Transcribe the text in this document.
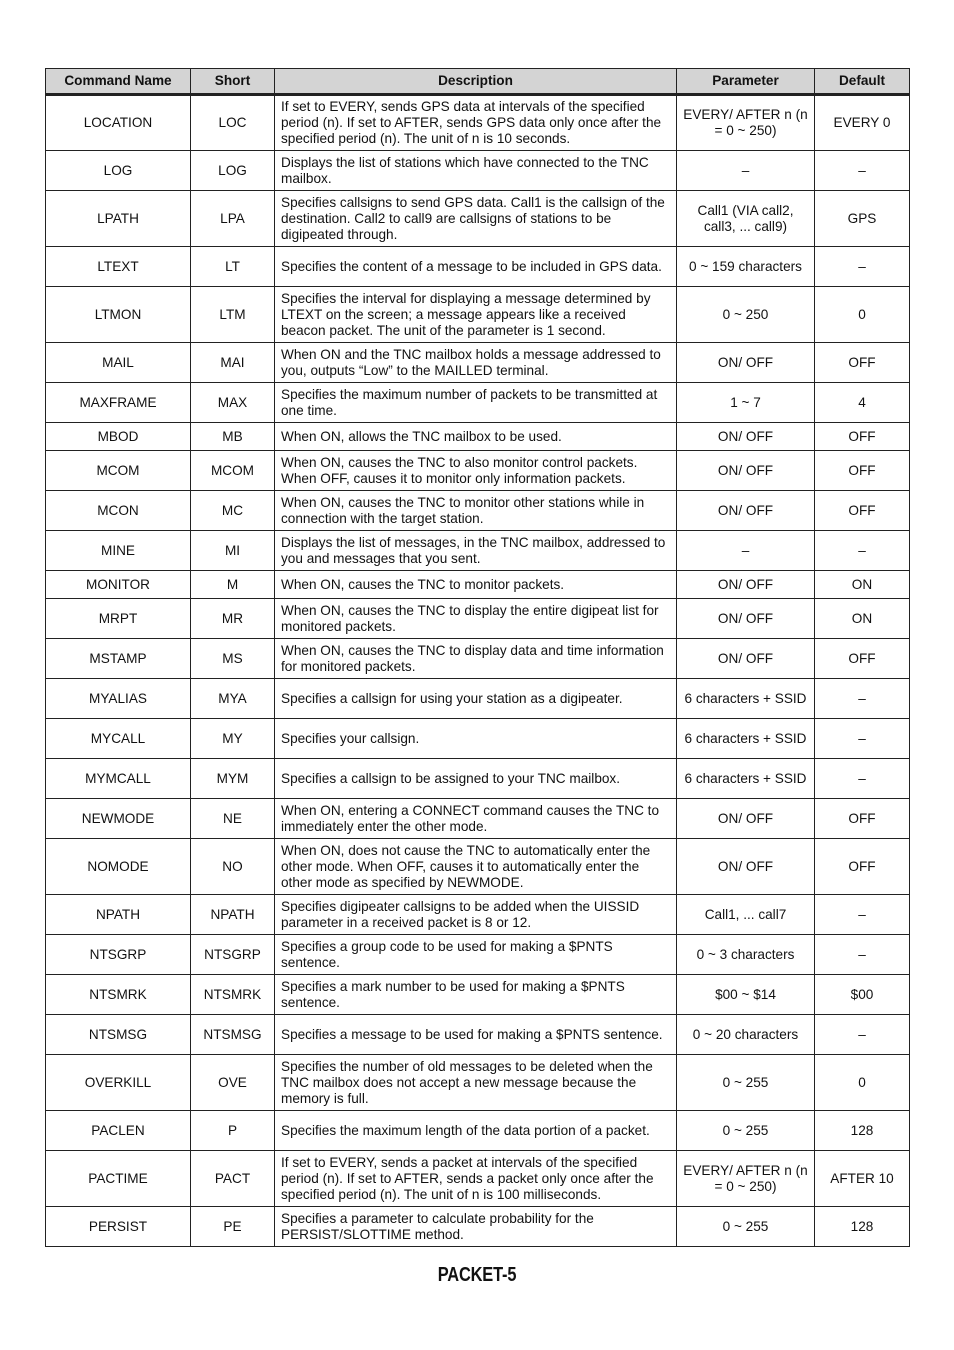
Command Name	Short	Description	Parameter	Default
LOCATION	LOC	If set to EVERY, sends GPS data at intervals of the specified period (n). If set to AFTER, sends GPS data only once after the specified period (n). The unit of n is 10 seconds.	EVERY/ AFTER n (n = 0 ~ 250)	EVERY 0
LOG	LOG	Displays the list of stations which have connected to the TNC mailbox.	–	–
LPATH	LPA	Specifies callsigns to send GPS data. Call1 is the callsign of the destination. Call2 to call9 are callsigns of stations to be digipeated through.	Call1 (VIA call2, call3, ... call9)	GPS
LTEXT	LT	Specifies the content of a message to be included in GPS data.	0 ~ 159 characters	–
LTMON	LTM	Specifies the interval for displaying a message determined by LTEXT on the screen; a message appears like a received beacon packet. The unit of the parameter is 1 second.	0 ~ 250	0
MAIL	MAI	When ON and the TNC mailbox holds a message addressed to you, outputs “Low” to the MAILLED terminal.	ON/ OFF	OFF
MAXFRAME	MAX	Specifies the maximum number of packets to be transmitted at one time.	1 ~ 7	4
MBOD	MB	When ON, allows the TNC mailbox to be used.	ON/ OFF	OFF
MCOM	MCOM	When ON, causes the TNC to also monitor control packets. When OFF, causes it to monitor only information packets.	ON/ OFF	OFF
MCON	MC	When ON, causes the TNC to monitor other stations while in connection with the target station.	ON/ OFF	OFF
MINE	MI	Displays the list of messages, in the TNC mailbox, addressed to you and messages that you sent.	–	–
MONITOR	M	When ON, causes the TNC to monitor packets.	ON/ OFF	ON
MRPT	MR	When ON, causes the TNC to display the entire digipeat list for monitored packets.	ON/ OFF	ON
MSTAMP	MS	When ON, causes the TNC to display data and time information for monitored packets.	ON/ OFF	OFF
MYALIAS	MYA	Specifies a callsign for using your station as a digipeater.	6 characters + SSID	–
MYCALL	MY	Specifies your callsign.	6 characters + SSID	–
MYMCALL	MYM	Specifies a callsign to be assigned to your TNC mailbox.	6 characters + SSID	–
NEWMODE	NE	When ON, entering a CONNECT command causes the TNC to immediately enter the other mode.	ON/ OFF	OFF
NOMODE	NO	When ON, does not cause the TNC to automatically enter the other mode. When OFF, causes it to automatically enter the other mode as specified by NEWMODE.	ON/ OFF	OFF
NPATH	NPATH	Specifies digipeater callsigns to be added when the UISSID parameter in a received packet is 8 or 12.	Call1, ... call7	–
NTSGRP	NTSGRP	Specifies a group code to be used for making a $PNTS sentence.	0 ~ 3 characters	–
NTSMRK	NTSMRK	Specifies a mark number to be used for making a $PNTS sentence.	$00 ~ $14	$00
NTSMSG	NTSMSG	Specifies a message to be used for making a $PNTS sentence.	0 ~ 20 characters	–
OVERKILL	OVE	Specifies the number of old messages to be deleted when the TNC mailbox does not accept a new message because the memory is full.	0 ~ 255	0
PACLEN	P	Specifies the maximum length of the data portion of a packet.	0 ~ 255	128
PACTIME	PACT	If set to EVERY, sends a packet at intervals of the specified period (n). If set to AFTER, sends a packet only once after the specified period (n). The unit of n is 100 milliseconds.	EVERY/ AFTER n (n = 0 ~ 250)	AFTER 10
PERSIST	PE	Specifies a parameter to calculate probability for the PERSIST/SLOTTIME method.	0 ~ 255	128
PACKET-5
